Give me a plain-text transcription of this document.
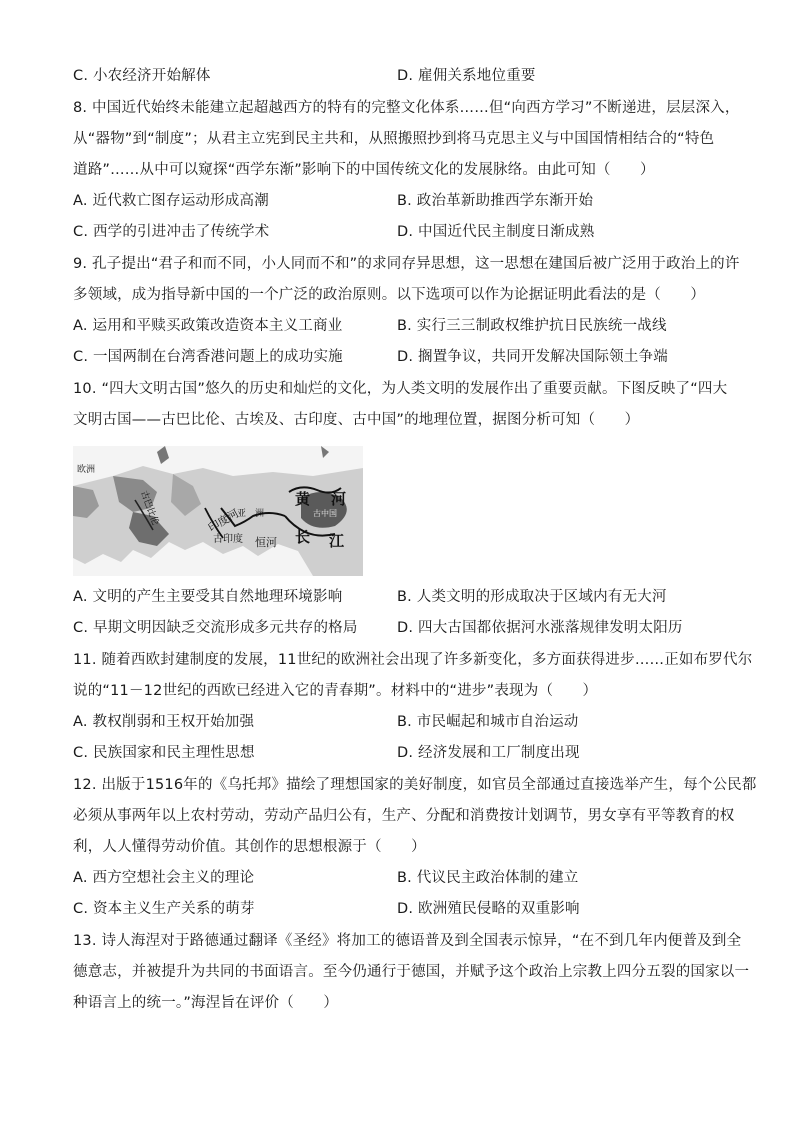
C. 小农经济开始解体	D. 雇佣关系地位重要
8. 中国近代始终未能建立起超越西方的特有的完整文化体系……但“向西方学习”不断递进，层层深入，
从“器物”到“制度”；从君主立宪到民主共和，从照搬照抄到将马克思主义与中国国情相结合的“特色
道路”……从中可以窥探“西学东渐”影响下的中国传统文化的发展脉络。由此可知（　　）
A. 近代救亡图存运动形成高潮	B. 政治革新助推西学东渐开始
C. 西学的引进冲击了传统学术	D. 中国近代民主制度日渐成熟
9. 孔子提出“君子和而不同，小人同而不和”的求同存异思想，这一思想在建国后被广泛用于政治上的许
多领域，成为指导新中国的一个广泛的政治原则。以下选项可以作为论据证明此看法的是（　　）
A. 运用和平赎买政策改造资本主义工商业	B. 实行三三制政权维护抗日民族统一战线
C. 一国两制在台湾香港问题上的成功实施	D. 搁置争议，共同开发解决国际领土争端
10. “四大文明古国”悠久的历史和灿烂的文化，为人类文明的发展作出了重要贡献。下图反映了“四大
文明古国——古巴比伦、古埃及、古印度、古中国”的地理位置，据图分析可知（　　）
欧洲
亚　洲
黄 河
长 江
印度河
恒河
古印度
古巴比伦	古中国
A. 文明的产生主要受其自然地理环境影响	B. 人类文明的形成取决于区域内有无大河
C. 早期文明因缺乏交流形成多元共存的格局	D. 四大古国都依据河水涨落规律发明太阳历
11. 随着西欧封建制度的发展，11世纪的欧洲社会出现了许多新变化，多方面获得进步……正如布罗代尔
说的“11－12世纪的西欧已经进入它的青春期”。材料中的“进步”表现为（　　）
A. 教权削弱和王权开始加强	B. 市民崛起和城市自治运动
C. 民族国家和民主理性思想	D. 经济发展和工厂制度出现
12. 出版于1516年的《乌托邦》描绘了理想国家的美好制度，如官员全部通过直接选举产生，每个公民都
必须从事两年以上农村劳动，劳动产品归公有，生产、分配和消费按计划调节，男女享有平等教育的权
利，人人懂得劳动价值。其创作的思想根源于（　　）
A. 西方空想社会主义的理论	B. 代议民主政治体制的建立
C. 资本主义生产关系的萌芽	D. 欧洲殖民侵略的双重影响
13. 诗人海涅对于路德通过翻译《圣经》将加工的德语普及到全国表示惊异，“在不到几年内便普及到全
德意志，并被提升为共同的书面语言。至今仍通行于德国，并赋予这个政治上宗教上四分五裂的国家以一
种语言上的统一。”海涅旨在评价（　　）
